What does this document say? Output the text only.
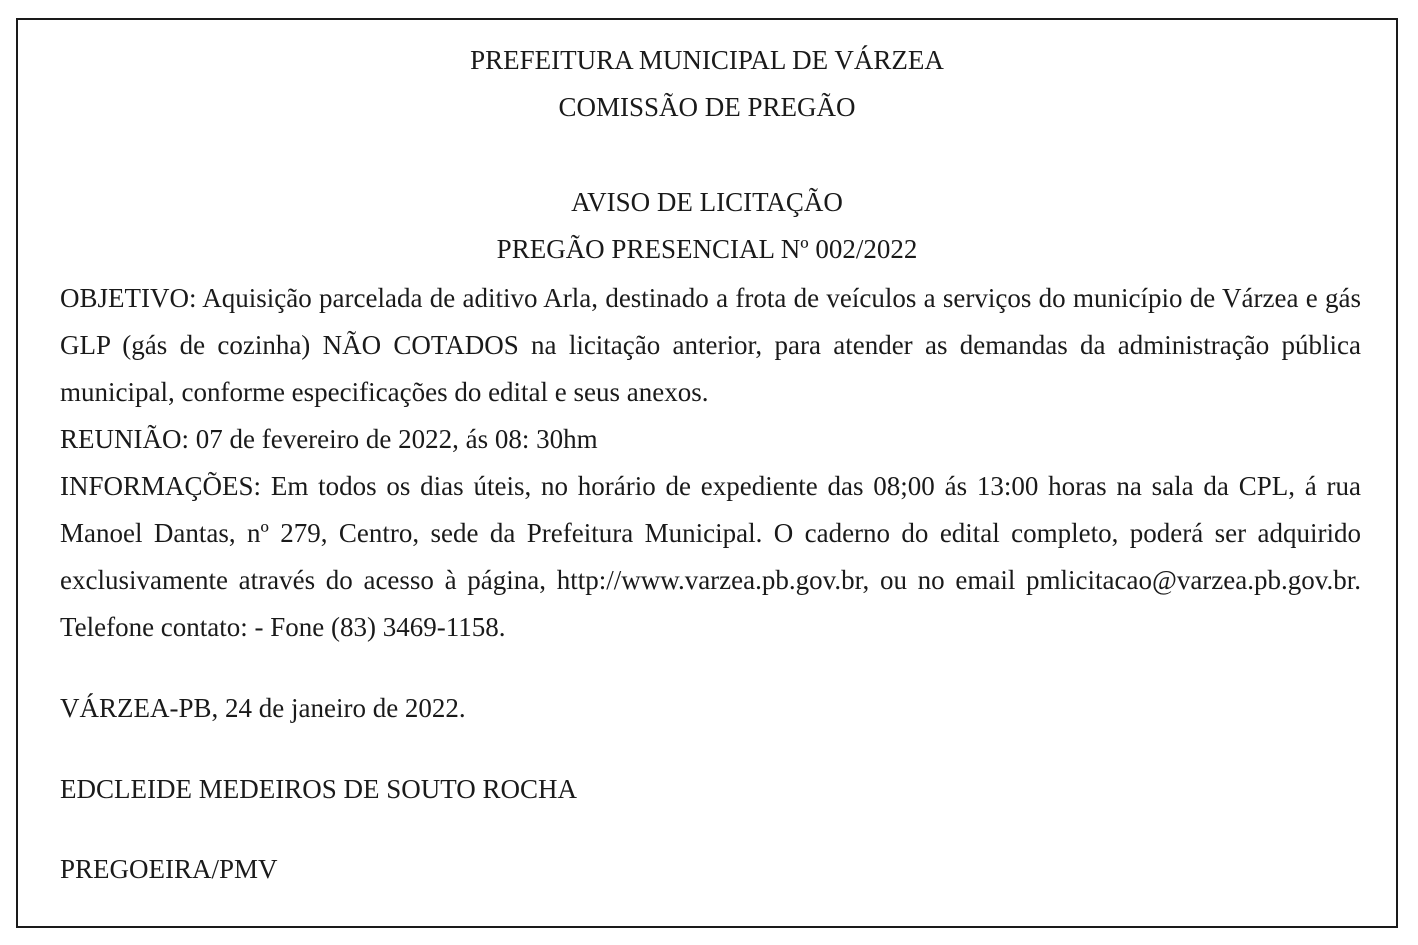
PREFEITURA MUNICIPAL DE VÁRZEA
COMISSÃO DE PREGÃO
AVISO DE LICITAÇÃO
PREGÃO PRESENCIAL Nº 002/2022
OBJETIVO: Aquisição parcelada de aditivo Arla, destinado a frota de veículos a serviços do município de Várzea e gás GLP (gás de cozinha) NÃO COTADOS na licitação anterior, para atender as demandas da administração pública municipal, conforme especificações do edital e seus anexos.
REUNIÃO: 07 de fevereiro de 2022, ás 08: 30hm
INFORMAÇÕES: Em todos os dias úteis, no horário de expediente das 08;00 ás 13:00 horas na sala da CPL, á rua Manoel Dantas, nº 279, Centro, sede da Prefeitura Municipal. O caderno do edital completo, poderá ser adquirido exclusivamente através do acesso à página, http://www.varzea.pb.gov.br, ou no email pmlicitacao@varzea.pb.gov.br. Telefone contato: - Fone (83) 3469-1158.
VÁRZEA-PB, 24 de janeiro de 2022.
EDCLEIDE MEDEIROS DE SOUTO ROCHA
PREGOEIRA/PMV
